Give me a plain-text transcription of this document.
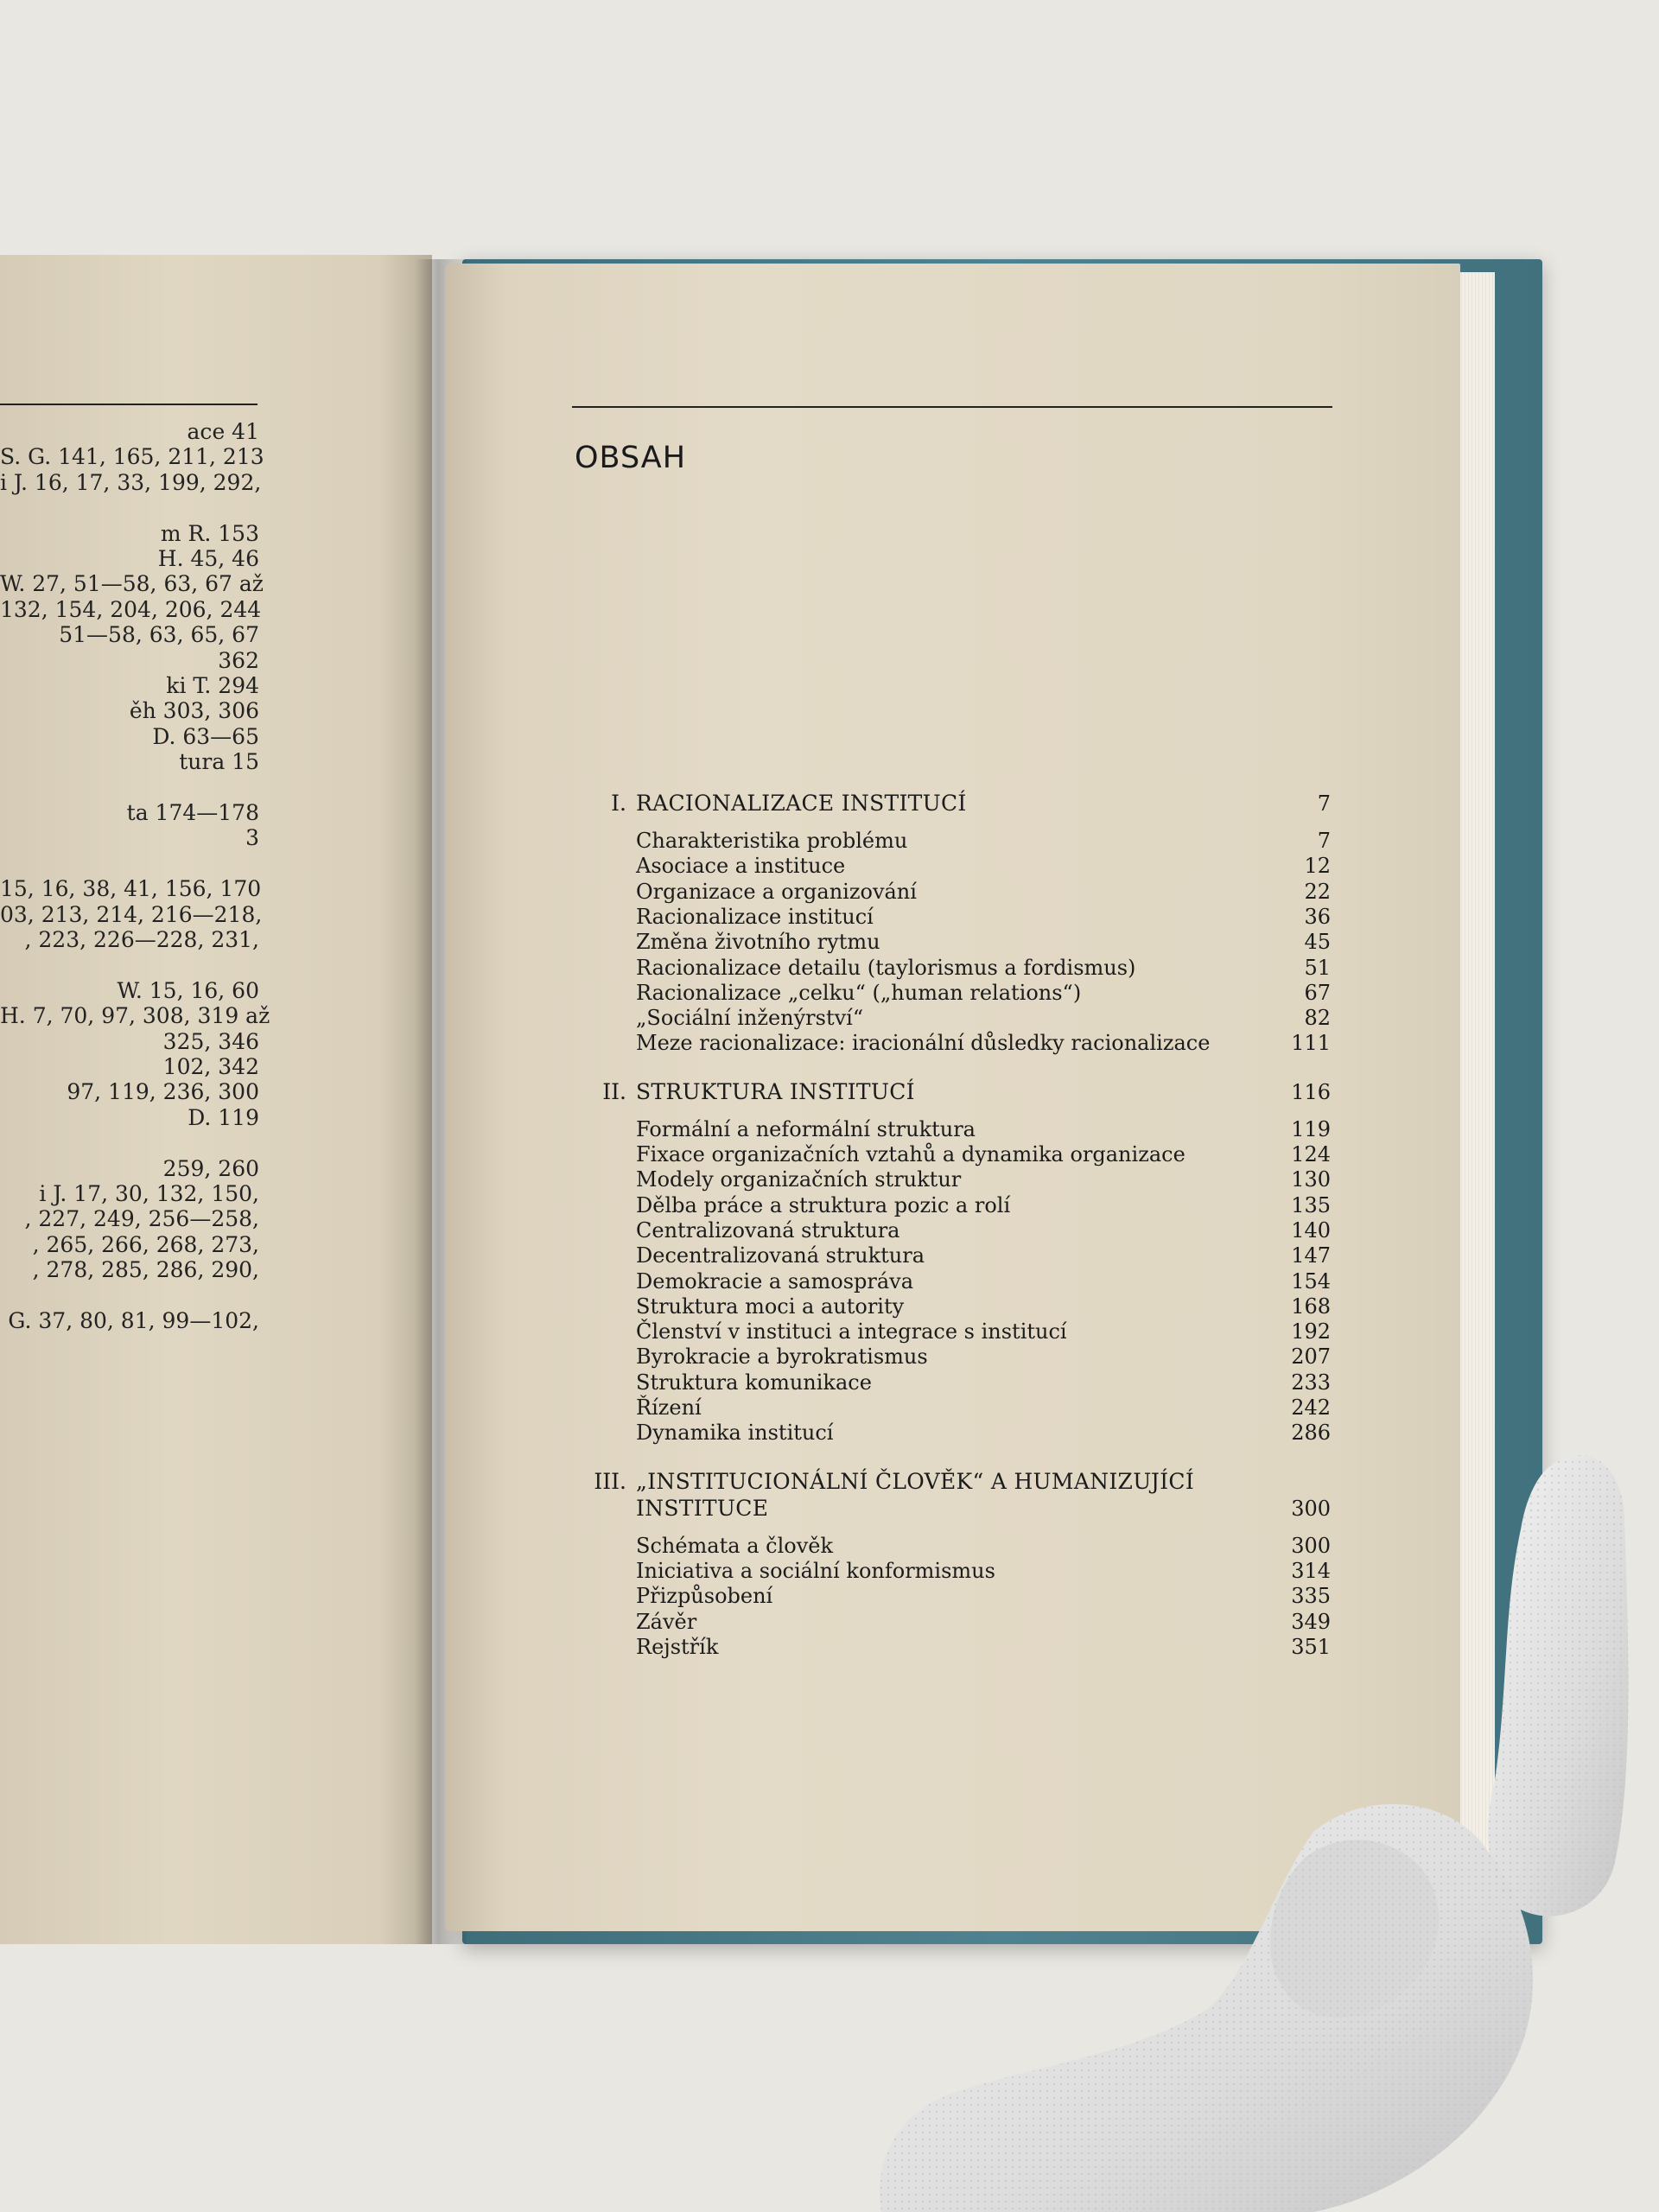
ace 41
S. G. 141, 165, 211, 213
i J. 16, 17, 33, 199, 292,
m R. 153
H. 45, 46
W. 27, 51—58, 63, 67 až
132, 154, 204, 206, 244
51—58, 63, 65, 67
362
ki T. 294
ěh 303, 306
D. 63—65
tura 15
ta 174—178
3
15, 16, 38, 41, 156, 170
03, 213, 214, 216—218,
, 223, 226—228, 231,
W. 15, 16, 60
H. 7, 70, 97, 308, 319 až
325, 346
102, 342
97, 119, 236, 300
D. 119
259, 260
i J. 17, 30, 132, 150,
, 227, 249, 256—258,
, 265, 266, 268, 273,
, 278, 285, 286, 290,
G. 37, 80, 81, 99—102,
OBSAH
I. RACIONALIZACE INSTITUCÍ	7
Charakteristika problému	7
Asociace a instituce	12
Organizace a organizování	22
Racionalizace institucí	36
Změna životního rytmu	45
Racionalizace detailu (taylorismus a fordismus)	51
Racionalizace „celku“ („human relations“)	67
„Sociální inženýrství“	82
Meze racionalizace: iracionální důsledky racionalizace	111
II. STRUKTURA INSTITUCÍ	116
Formální a neformální struktura	119
Fixace organizačních vztahů a dynamika organizace	124
Modely organizačních struktur	130
Dělba práce a struktura pozic a rolí	135
Centralizovaná struktura	140
Decentralizovaná struktura	147
Demokracie a samospráva	154
Struktura moci a autority	168
Členství v instituci a integrace s institucí	192
Byrokracie a byrokratismus	207
Struktura komunikace	233
Řízení	242
Dynamika institucí	286
III. „INSTITUCIONÁLNÍ ČLOVĚK“ A HUMANIZUJÍCÍ
INSTITUCE	300
Schémata a člověk	300
Iniciativa a sociální konformismus	314
Přizpůsobení	335
Závěr	349
Rejstřík	351
